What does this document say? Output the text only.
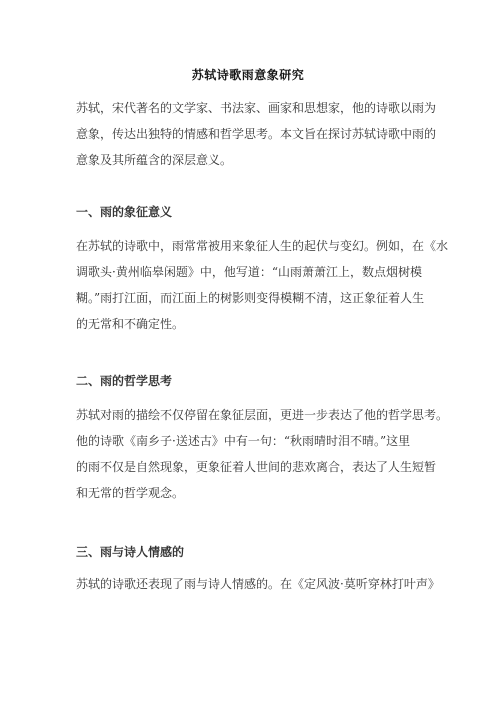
苏轼诗歌雨意象研究

苏轼，宋代著名的文学家、书法家、画家和思想家，他的诗歌以雨为
意象，传达出独特的情感和哲学思考。本文旨在探讨苏轼诗歌中雨的
意象及其所蕴含的深层意义。

一、雨的象征意义

在苏轼的诗歌中，雨常常被用来象征人生的起伏与变幻。例如，在《水
调歌头·黄州临皋闲题》中，他写道：“山雨萧萧江上，数点烟树模
糊。”雨打江面，而江面上的树影则变得模糊不清，这正象征着人生
的无常和不确定性。

二、雨的哲学思考

苏轼对雨的描绘不仅停留在象征层面，更进一步表达了他的哲学思考。
他的诗歌《南乡子·送述古》中有一句：“秋雨晴时泪不晴。”这里
的雨不仅是自然现象，更象征着人世间的悲欢离合，表达了人生短暂
和无常的哲学观念。

三、雨与诗人情感的

苏轼的诗歌还表现了雨与诗人情感的。在《定风波·莫听穿林打叶声》
